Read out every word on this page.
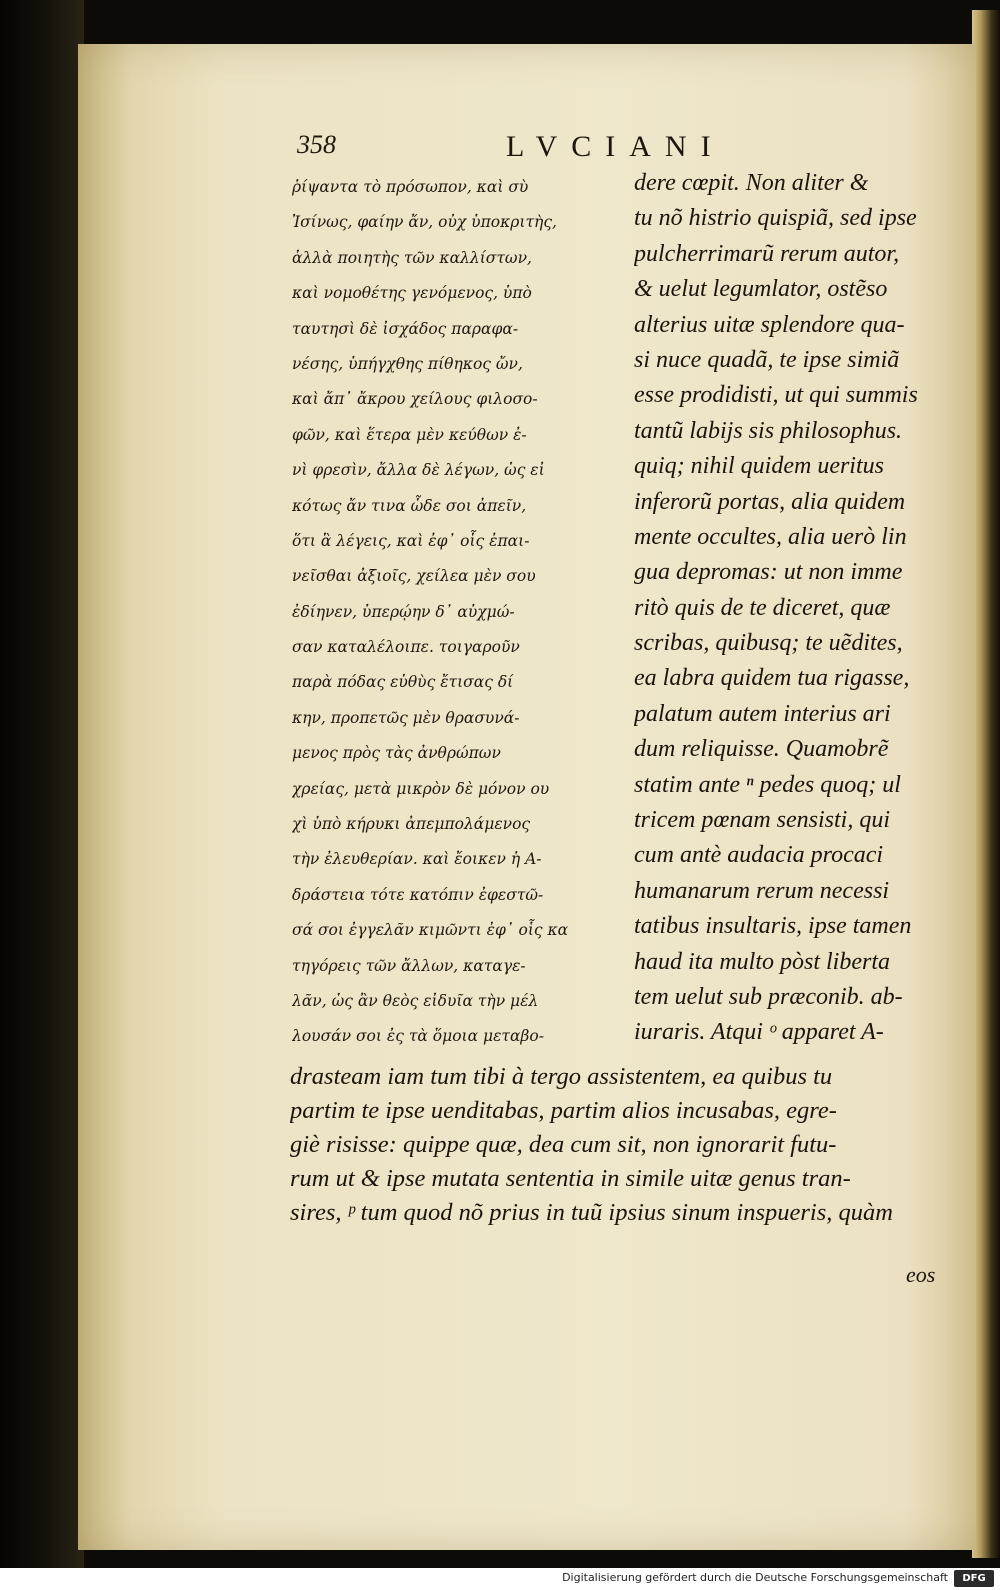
358	LVCIANI
ῥίψαντα τὸ πρόσωπον, καὶ σὺ
Ἰσίνως, φαίην ἄν, οὐχ ὑποκριτὴς,
ἀλλὰ ποιητὴς τῶν καλλίστων,
καὶ νομοθέτης γενόμενος, ὑπὸ
ταυτησὶ δὲ ἰσχάδος παραφα-
νέσης, ὑπήγχθης πίθηκος ὤν,
καὶ ἄπ᾽ ἄκρου χείλους φιλοσο-
φῶν, καὶ ἕτερα μὲν κεύθων ἐ-
νὶ φρεσὶν, ἄλλα δὲ λέγων, ὡς εἰ
κότως ἄν τινα ὧδε σοι ἀπεῖν,
ὅτι ἃ λέγεις, καὶ ἐφ᾽ οἷς ἐπαι-
νεῖσθαι ἀξιοῖς, χείλεα μὲν σου
ἐδίηνεν, ὑπερῴην δ᾽ αὐχμώ-
σαν καταλέλοιπε. τοιγαροῦν
παρὰ πόδας εὐθὺς ἔτισας δί
κην, προπετῶς μὲν θρασυνά-
μενος πρὸς τὰς ἀνθρώπων
χρείας, μετὰ μικρὸν δὲ μόνον ου
χὶ ὑπὸ κήρυκι ἀπεμπολάμενος
τὴν ἐλευθερίαν. καὶ ἔοικεν ἡ Α-
δράστεια τότε κατόπιν ἐφεστῶ-
σά σοι ἐγγελᾶν κιμῶντι ἐφ᾽ οἷς κα
τηγόρεις τῶν ἄλλων, καταγε-
λᾶν, ὡς ἂν θεὸς εἰδυῖα τὴν μέλ
λουσάν σοι ἐς τὰ ὅμοια μεταβο-
dere cœpit. Non aliter &
tu nõ histrio quispiã, sed ipse
pulcherrimarũ rerum autor,
& uelut legumlator, ostẽso
alterius uitæ splendore qua-
si nuce quadã, te ipse simiã
esse prodidisti, ut qui summis
tantũ labijs sis philosophus.
quiq; nihil quidem ueritus
inferorũ portas, alia quidem
mente occultes, alia uerò lin
gua depromas: ut non imme
ritò quis de te diceret, quæ
scribas, quibusq; te uẽdites,
ea labra quidem tua rigasse,
palatum autem interius ari
dum reliquisse. Quamobrẽ
statim ante ⁿ pedes quoq; ul
tricem pœnam sensisti, qui
cum antè audacia procaci
humanarum rerum necessi
tatibus insultaris, ipse tamen
haud ita multo pòst liberta
tem uelut sub præconib. ab-
iuraris. Atqui ᵒ apparet A-
drasteam iam tum tibi à tergo assistentem, ea quibus tu
partim te ipse uenditabas, partim alios incusabas, egre-
giè risisse: quippe quæ, dea cum sit, non ignorarit futu-
rum ut & ipse mutata sententia in simile uitæ genus tran-
sires, ᵖ tum quod nõ prius in tuũ ipsius sinum inspueris, quàm
eos
Digitalisierung gefördert durch die Deutsche Forschungsgemeinschaft	DFG
